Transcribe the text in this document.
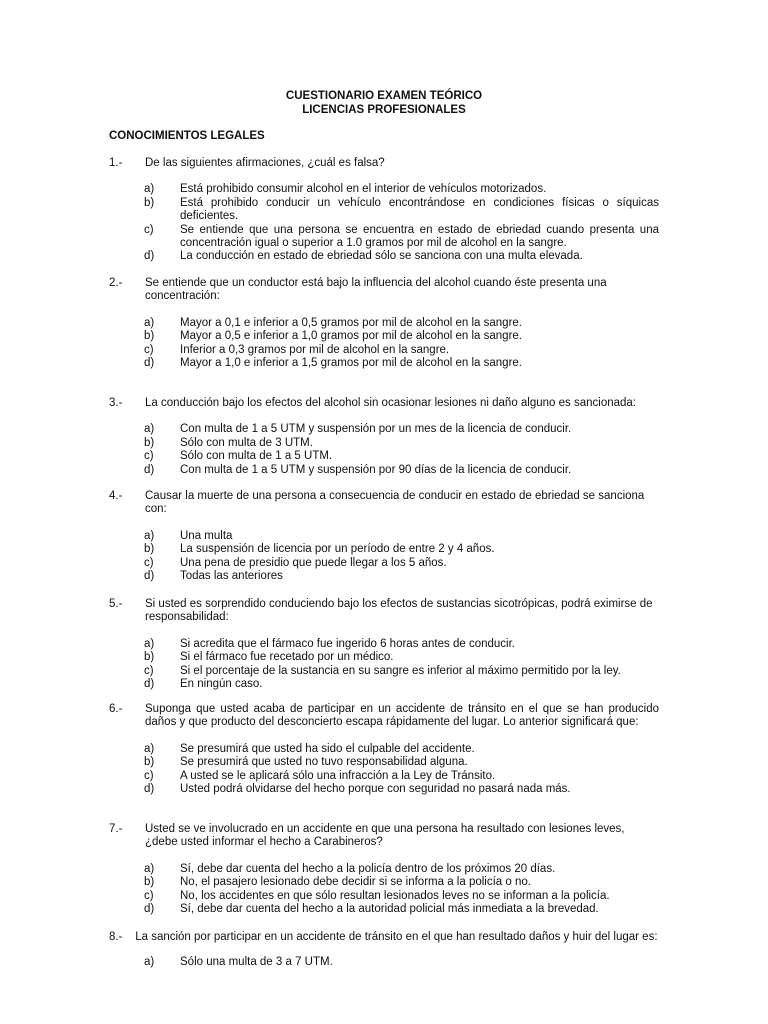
CUESTIONARIO EXAMEN TEÓRICO
LICENCIAS PROFESIONALES
CONOCIMIENTOS LEGALES
1.- De las siguientes afirmaciones, ¿cuál es falsa?
a) Está prohibido consumir alcohol en el interior de vehículos motorizados.
b) Está prohibido conducir un vehículo encontrándose en condiciones físicas o síquicas deficientes.
c) Se entiende que una persona se encuentra en estado de ebriedad cuando presenta una concentración igual o superior a 1.0 gramos por mil de alcohol en la sangre.
d) La conducción en estado de ebriedad sólo se sanciona con una multa elevada.
2.- Se entiende que un conductor está bajo la influencia del alcohol cuando éste presenta una concentración:
a) Mayor a 0,1 e inferior a 0,5 gramos por mil de alcohol en la sangre.
b) Mayor a 0,5 e inferior a 1,0 gramos por mil de alcohol en la sangre.
c) Inferior a 0,3 gramos por mil de alcohol en la sangre.
d) Mayor a 1,0 e inferior a 1,5 gramos por mil de alcohol en la sangre.
3.- La conducción bajo los efectos del alcohol sin ocasionar lesiones ni daño alguno es sancionada:
a) Con multa de 1 a 5 UTM y suspensión por un mes de la licencia de conducir.
b) Sólo con multa de 3 UTM.
c) Sólo con multa de 1 a 5 UTM.
d) Con multa de 1 a 5 UTM y suspensión por 90 días de la licencia de conducir.
4.- Causar la muerte de una persona a consecuencia de conducir en estado de ebriedad se sanciona con:
a) Una multa
b) La suspensión de licencia por un período de entre 2 y 4 años.
c) Una pena de presidio que puede llegar a los 5 años.
d) Todas las anteriores
5.- Si usted es sorprendido conduciendo bajo los efectos de sustancias sicotrópicas, podrá eximirse de responsabilidad:
a) Si acredita que el fármaco fue ingerido 6 horas antes de conducir.
b) Si el fármaco fue recetado por un médico.
c) Si el porcentaje de la sustancia en su sangre es inferior al máximo permitido por la ley.
d) En ningún caso.
6.- Suponga que usted acaba de participar en un accidente de tránsito en el que se han producido daños y que producto del desconcierto escapa rápidamente del lugar. Lo anterior significará que:
a) Se presumirá que usted ha sido el culpable del accidente.
b) Se presumirá que usted no tuvo responsabilidad alguna.
c) A usted se le aplicará sólo una infracción a la Ley de Tránsito.
d) Usted podrá olvidarse del hecho porque con seguridad no pasará nada más.
7.- Usted se ve involucrado en un accidente en que una persona ha resultado con lesiones leves, ¿debe usted informar el hecho a Carabineros?
a) Sí, debe dar cuenta del hecho a la policía dentro de los próximos 20 días.
b) No, el pasajero lesionado debe decidir si se informa a la policía o no.
c) No, los accidentes en que sólo resultan lesionados leves no se informan a la policía.
d) Sí, debe dar cuenta del hecho a la autoridad policial más inmediata a la brevedad.
8.- La sanción por participar en un accidente de tránsito en el que han resultado daños y huir del lugar es:
a) Sólo una multa de 3 a 7 UTM.
